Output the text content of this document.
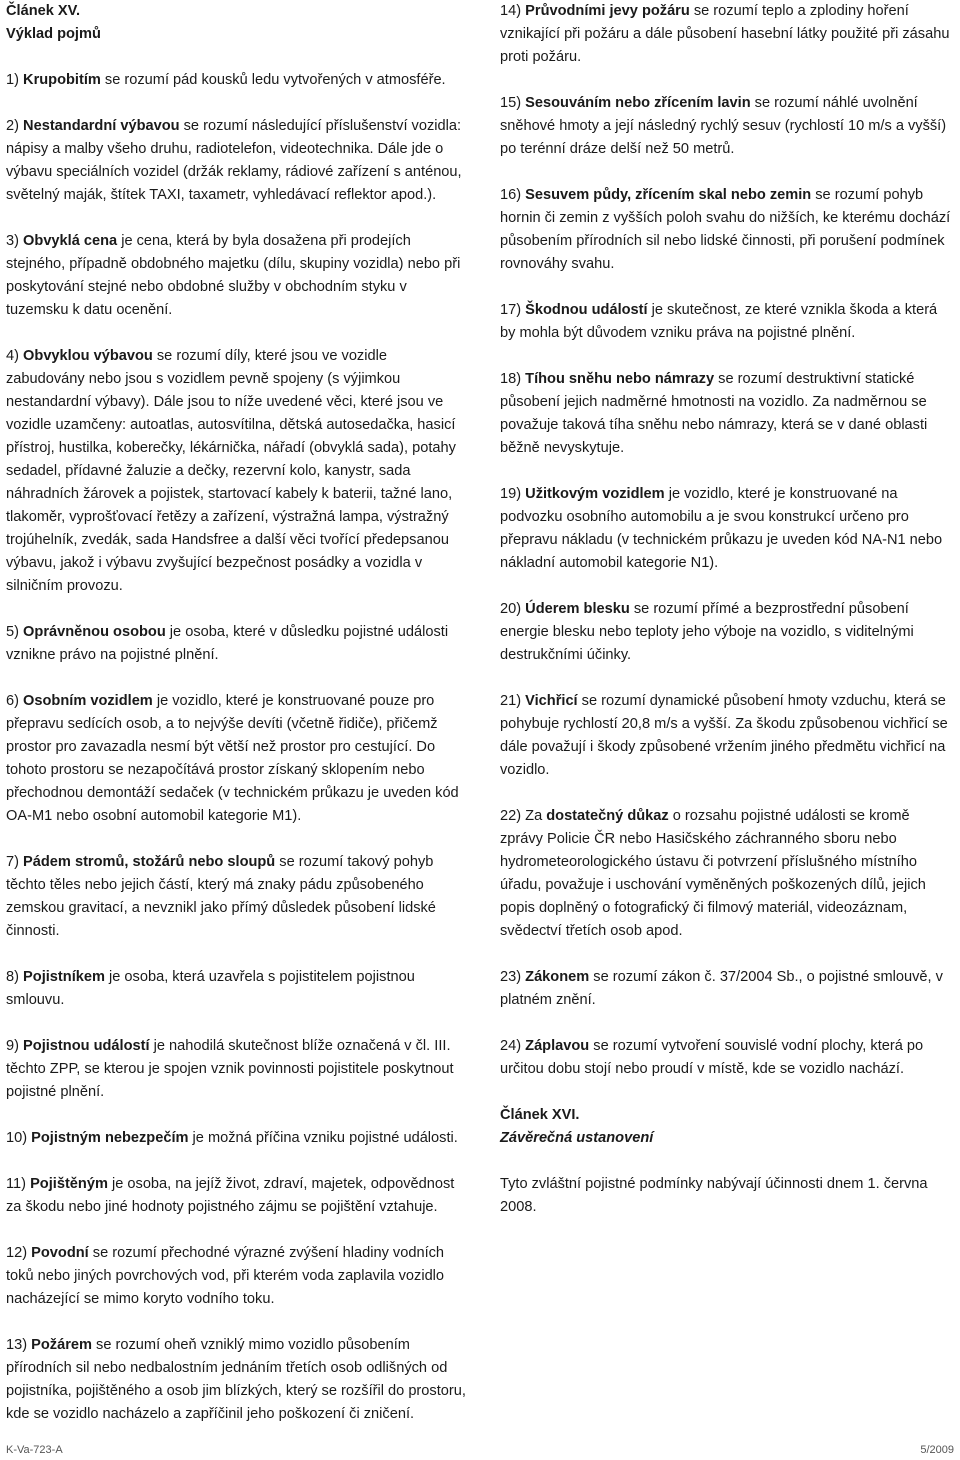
Článek XV.
Výklad pojmů
1) Krupobitím se rozumí pád kousků ledu vytvořených v atmosféře.
2) Nestandardní výbavou se rozumí následující příslušenství vozidla: nápisy a malby všeho druhu, radiotelefon, videotechnika. Dále jde o výbavu speciálních vozidel (držák reklamy, rádiové zařízení s anténou, světelný maják, štítek TAXI, taxametr, vyhledávací reflektor apod.).
3) Obvyklá cena je cena, která by byla dosažena při prodejích stejného, případně obdobného majetku (dílu, skupiny vozidla) nebo při poskytování stejné nebo obdobné služby v obchodním styku v tuzemsku k datu ocenění.
4) Obvyklou výbavou se rozumí díly, které jsou ve vozidle zabudovány nebo jsou s vozidlem pevně spojeny (s výjimkou nestandardní výbavy). Dále jsou to níže uvedené věci, které jsou ve vozidle uzamčeny: autoatlas, autosvítilna, dětská autosedačka, hasicí přístroj, hustilka, koberečky, lékárnička, nářadí (obvyklá sada), potahy sedadel, přídavné žaluzie a dečky, rezervní kolo, kanystr, sada náhradních žárovek a pojistek, startovací kabely k baterii, tažné lano, tlakoměr, vyprošťovací řetězy a zařízení, výstražná lampa, výstražný trojúhelník, zvedák, sada Handsfree a další věci tvořící předepsanou výbavu, jakož i výbavu zvyšující bezpečnost posádky a vozidla v silničním provozu.
5) Oprávněnou osobou je osoba, které v důsledku pojistné události vznikne právo na pojistné plnění.
6) Osobním vozidlem je vozidlo, které je konstruované pouze pro přepravu sedících osob, a to nejvýše devíti (včetně řidiče), přičemž prostor pro zavazadla nesmí být větší než prostor pro cestující. Do tohoto prostoru se nezapočítává prostor získaný sklopením nebo přechodnou demontáží sedaček (v technickém průkazu je uveden kód OA-M1 nebo osobní automobil kategorie M1).
7) Pádem stromů, stožárů nebo sloupů se rozumí takový pohyb těchto těles nebo jejich částí, který má znaky pádu způsobeného zemskou gravitací, a nevznikl jako přímý důsledek působení lidské činnosti.
8) Pojistníkem je osoba, která uzavřela s pojistitelem pojistnou smlouvu.
9) Pojistnou událostí je nahodilá skutečnost blíže označená v čl. III. těchto ZPP, se kterou je spojen vznik povinnosti pojistitele poskytnout pojistné plnění.
10) Pojistným nebezpečím je možná příčina vzniku pojistné události.
11) Pojištěným je osoba, na jejíž život, zdraví, majetek, odpovědnost za škodu nebo jiné hodnoty pojistného zájmu se pojištění vztahuje.
12) Povodní se rozumí přechodné výrazné zvýšení hladiny vodních toků nebo jiných povrchových vod, při kterém voda zaplavila vozidlo nacházející se mimo koryto vodního toku.
13) Požárem se rozumí oheň vzniklý mimo vozidlo působením přírodních sil nebo nedbalostním jednáním třetích osob odlišných od pojistníka, pojištěného a osob jim blízkých, který se rozšířil do prostoru, kde se vozidlo nacházelo a zapříčinil jeho poškození či zničení.
14) Průvodními jevy požáru se rozumí teplo a zplodiny hoření vznikající při požáru a dále působení hasební látky použité při zásahu proti požáru.
15) Sesouváním nebo zřícením lavin se rozumí náhlé uvolnění sněhové hmoty a její následný rychlý sesuv (rychlostí 10 m/s a vyšší) po terénní dráze delší než 50 metrů.
16) Sesuvem půdy, zřícením skal nebo zemin se rozumí pohyb hornin či zemin z vyšších poloh svahu do nižších, ke kterému dochází působením přírodních sil nebo lidské činnosti, při porušení podmínek rovnováhy svahu.
17) Škodnou událostí je skutečnost, ze které vznikla škoda a která by mohla být důvodem vzniku práva na pojistné plnění.
18) Tíhou sněhu nebo námrazy se rozumí destruktivní statické působení jejich nadměrné hmotnosti na vozidlo. Za nadměrnou se považuje taková tíha sněhu nebo námrazy, která se v dané oblasti běžně nevyskytuje.
19) Užitkovým vozidlem je vozidlo, které je konstruované na podvozku osobního automobilu a je svou konstrukcí určeno pro přepravu nákladu (v technickém průkazu je uveden kód NA-N1 nebo nákladní automobil kategorie N1).
20) Úderem blesku se rozumí přímé a bezprostřední působení energie blesku nebo teploty jeho výboje na vozidlo, s viditelnými destrukčními účinky.
21) Vichřicí se rozumí dynamické působení hmoty vzduchu, která se pohybuje rychlostí 20,8 m/s a vyšší. Za škodu způsobenou vichřicí se dále považují i škody způsobené vržením jiného předmětu vichřicí na vozidlo.
22) Za dostatečný důkaz o rozsahu pojistné události se kromě zprávy Policie ČR nebo Hasičského záchranného sboru nebo hydrometeorologického ústavu či potvrzení příslušného místního úřadu, považuje i uschování vyměněných poškozených dílů, jejich popis doplněný o fotografický či filmový materiál, videozáznam, svědectví třetích osob apod.
23) Zákonem se rozumí zákon č. 37/2004 Sb., o pojistné smlouvě, v platném znění.
24) Záplavou se rozumí vytvoření souvislé vodní plochy, která po určitou dobu stojí nebo proudí v místě, kde se vozidlo nachází.
Článek XVI.
Závěrečná ustanovení
Tyto zvláštní pojistné podmínky nabývají účinnosti dnem 1. června 2008.
K-Va-723-A	5/2009
